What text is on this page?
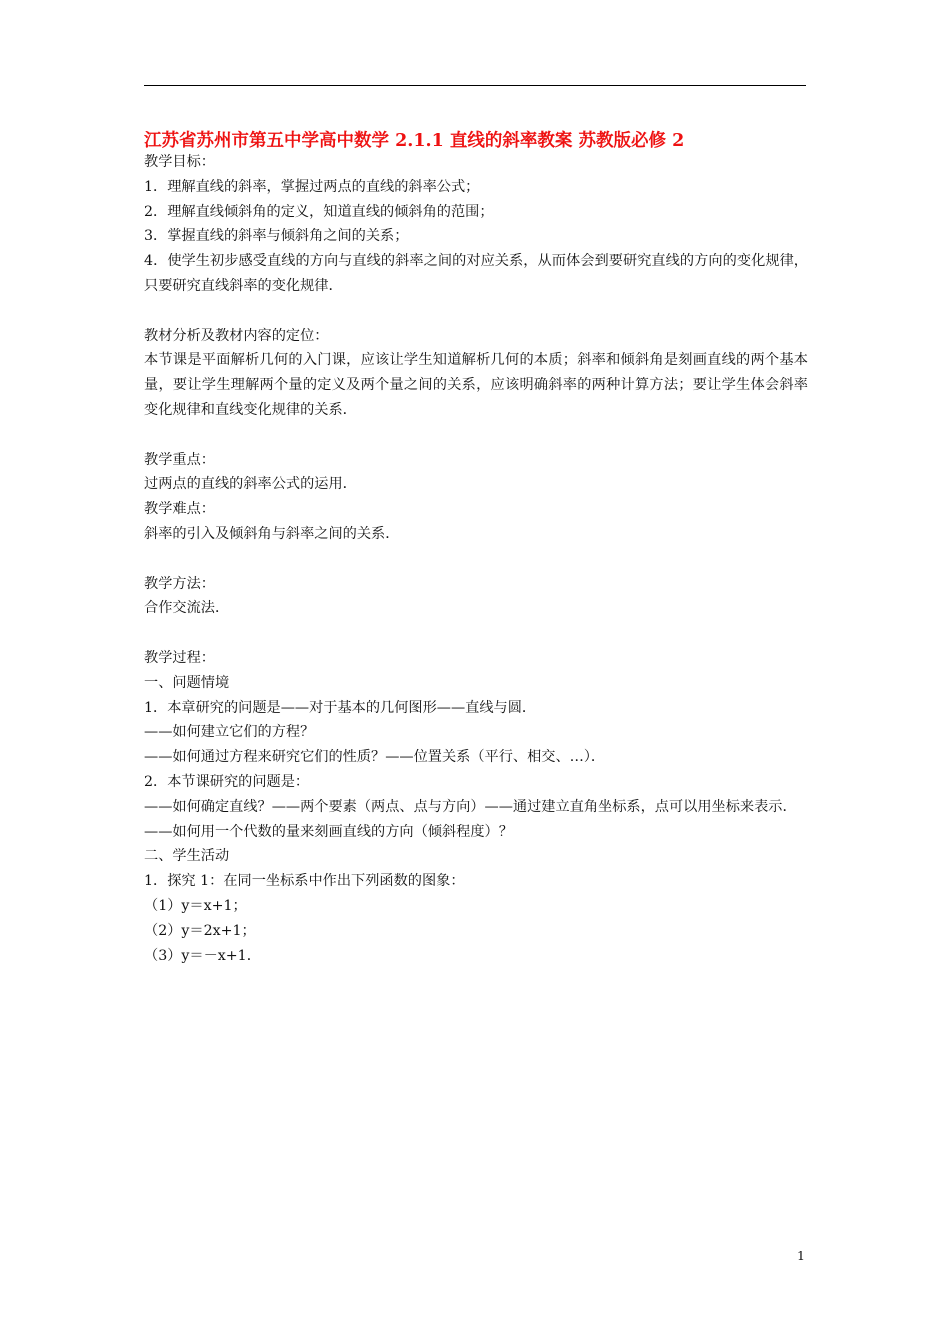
江苏省苏州市第五中学高中数学 2.1.1 直线的斜率教案 苏教版必修 2

教学目标：

1．理解直线的斜率，掌握过两点的直线的斜率公式；

2．理解直线倾斜角的定义，知道直线的倾斜角的范围；

3．掌握直线的斜率与倾斜角之间的关系；

4．使学生初步感受直线的方向与直线的斜率之间的对应关系，从而体会到要研究直线的方向的变化规律，只要研究直线斜率的变化规律．

教材分析及教材内容的定位：

本节课是平面解析几何的入门课，应该让学生知道解析几何的本质；斜率和倾斜角是刻画直线的两个基本量，要让学生理解两个量的定义及两个量之间的关系，应该明确斜率的两种计算方法；要让学生体会斜率变化规律和直线变化规律的关系．

教学重点：

过两点的直线的斜率公式的运用．

教学难点：

斜率的引入及倾斜角与斜率之间的关系．

教学方法：

合作交流法．

教学过程：

一、问题情境

1．本章研究的问题是——对于基本的几何图形——直线与圆．

——如何建立它们的方程？

——如何通过方程来研究它们的性质？——位置关系（平行、相交、…）．

2．本节课研究的问题是：

——如何确定直线？——两个要素（两点、点与方向）——通过建立直角坐标系，点可以用坐标来表示．

——如何用一个代数的量来刻画直线的方向（倾斜程度）？

二、学生活动

1．探究 1：在同一坐标系中作出下列函数的图象：

（1）y＝x+1；

（2）y＝2x+1；

（3）y＝－x+1．

1
